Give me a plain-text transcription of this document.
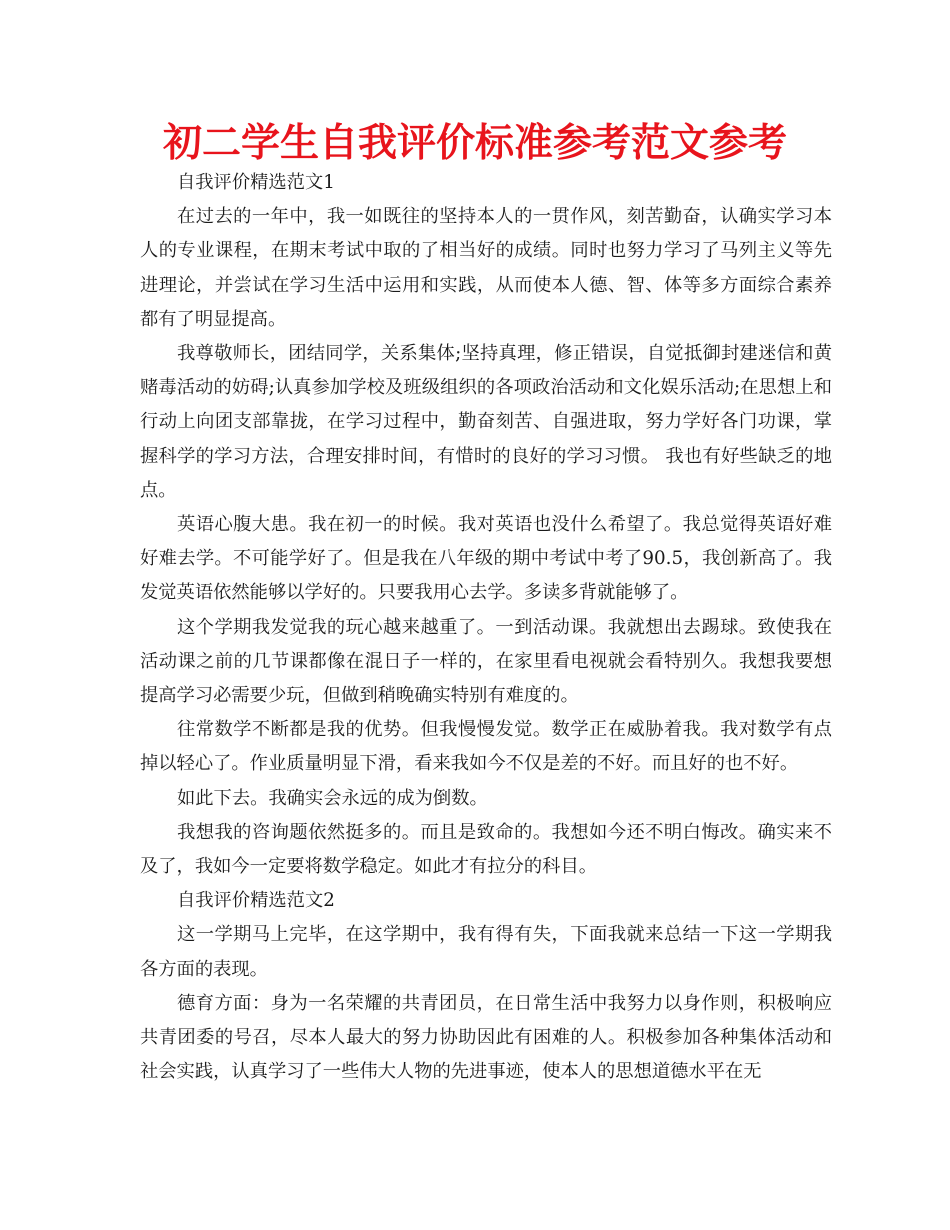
初二学生自我评价标准参考范文参考

自我评价精选范文1

在过去的一年中，我一如既往的坚持本人的一贯作风，刻苦勤奋，认确实学习本人的专业课程，在期末考试中取的了相当好的成绩。同时也努力学习了马列主义等先进理论，并尝试在学习生活中运用和实践，从而使本人德、智、体等多方面综合素养都有了明显提高。

我尊敬师长，团结同学，关系集体;坚持真理，修正错误，自觉抵御封建迷信和黄赌毒活动的妨碍;认真参加学校及班级组织的各项政治活动和文化娱乐活动;在思想上和行动上向团支部靠拢，在学习过程中，勤奋刻苦、自强进取，努力学好各门功课，掌握科学的学习方法，合理安排时间，有惜时的良好的学习习惯。 我也有好些缺乏的地点。

英语心腹大患。我在初一的时候。我对英语也没什么希望了。我总觉得英语好难好难去学。不可能学好了。但是我在八年级的期中考试中考了90.5，我创新高了。我发觉英语依然能够以学好的。只要我用心去学。多读多背就能够了。

这个学期我发觉我的玩心越来越重了。一到活动课。我就想出去踢球。致使我在活动课之前的几节课都像在混日子一样的，在家里看电视就会看特别久。我想我要想提高学习必需要少玩，但做到稍晚确实特别有难度的。

往常数学不断都是我的优势。但我慢慢发觉。数学正在威胁着我。我对数学有点掉以轻心了。作业质量明显下滑，看来我如今不仅是差的不好。而且好的也不好。

如此下去。我确实会永远的成为倒数。

我想我的咨询题依然挺多的。而且是致命的。我想如今还不明白悔改。确实来不及了，我如今一定要将数学稳定。如此才有拉分的科目。

自我评价精选范文2

这一学期马上完毕，在这学期中，我有得有失，下面我就来总结一下这一学期我各方面的表现。

德育方面：身为一名荣耀的共青团员，在日常生活中我努力以身作则，积极响应共青团委的号召，尽本人最大的努力协助因此有困难的人。积极参加各种集体活动和社会实践，认真学习了一些伟大人物的先进事迹，使本人的思想道德水平在无
